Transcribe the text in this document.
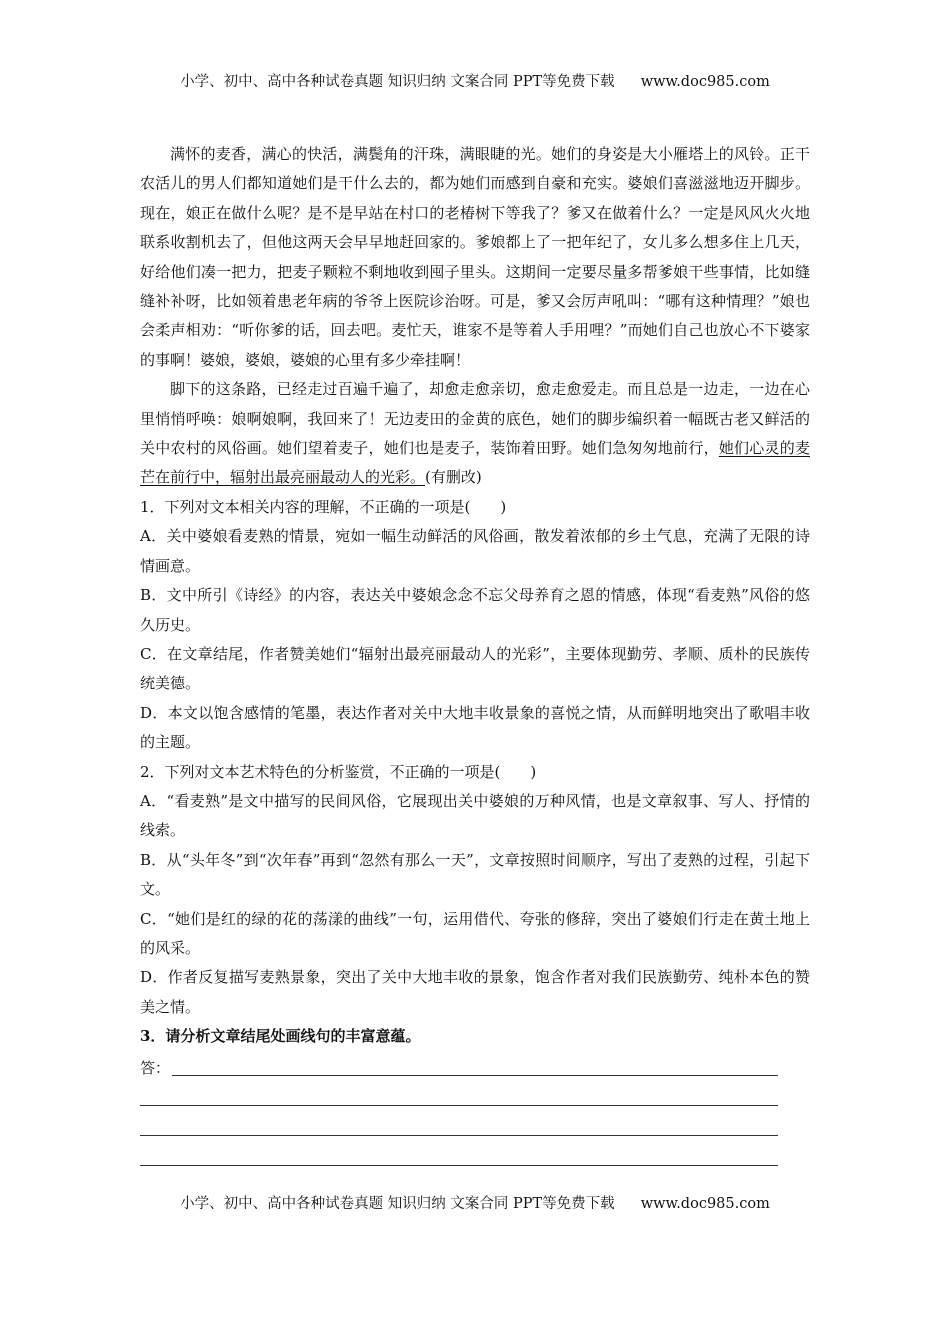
小学、初中、高中各种试卷真题 知识归纳 文案合同 PPT等免费下载 www.doc985.com

满怀的麦香，满心的快活，满鬓角的汗珠，满眼睫的光。她们的身姿是大小雁塔上的风铃。正干农活儿的男人们都知道她们是干什么去的，都为她们而感到自豪和充实。婆娘们喜滋滋地迈开脚步。现在，娘正在做什么呢？是不是早站在村口的老椿树下等我了？爹又在做着什么？一定是风风火火地联系收割机去了，但他这两天会早早地赶回家的。爹娘都上了一把年纪了，女儿多么想多住上几天，好给他们凑一把力，把麦子颗粒不剩地收到囤子里头。这期间一定要尽量多帮爹娘干些事情，比如缝缝补补呀，比如领着患老年病的爷爷上医院诊治呀。可是，爹又会厉声吼叫：“哪有这种情理？”娘也会柔声相劝：“听你爹的话，回去吧。麦忙天，谁家不是等着人手用哩？”而她们自己也放心不下婆家的事啊！婆娘，婆娘，婆娘的心里有多少牵挂啊！

脚下的这条路，已经走过百遍千遍了，却愈走愈亲切，愈走愈爱走。而且总是一边走，一边在心里悄悄呼唤：娘啊娘啊，我回来了！无边麦田的金黄的底色，她们的脚步编织着一幅既古老又鲜活的关中农村的风俗画。她们望着麦子，她们也是麦子，装饰着田野。她们急匆匆地前行，她们心灵的麦芒在前行中，辐射出最亮丽最动人的光彩。(有删改)

1．下列对文本相关内容的理解，不正确的一项是(　　)

A．关中婆娘看麦熟的情景，宛如一幅生动鲜活的风俗画，散发着浓郁的乡土气息，充满了无限的诗情画意。

B．文中所引《诗经》的内容，表达关中婆娘念念不忘父母养育之恩的情感，体现“看麦熟”风俗的悠久历史。

C．在文章结尾，作者赞美她们“辐射出最亮丽最动人的光彩”，主要体现勤劳、孝顺、质朴的民族传统美德。

D．本文以饱含感情的笔墨，表达作者对关中大地丰收景象的喜悦之情，从而鲜明地突出了歌唱丰收的主题。

2．下列对文本艺术特色的分析鉴赏，不正确的一项是(　　)

A．“看麦熟”是文中描写的民间风俗，它展现出关中婆娘的万种风情，也是文章叙事、写人、抒情的线索。

B．从“头年冬”到“次年春”再到“忽然有那么一天”，文章按照时间顺序，写出了麦熟的过程，引起下文。

C．“她们是红的绿的花的荡漾的曲线”一句，运用借代、夸张的修辞，突出了婆娘们行走在黄土地上的风采。

D．作者反复描写麦熟景象，突出了关中大地丰收的景象，饱含作者对我们民族勤劳、纯朴本色的赞美之情。

3．请分析文章结尾处画线句的丰富意蕴。

答：
小学、初中、高中各种试卷真题 知识归纳 文案合同 PPT等免费下载 www.doc985.com
